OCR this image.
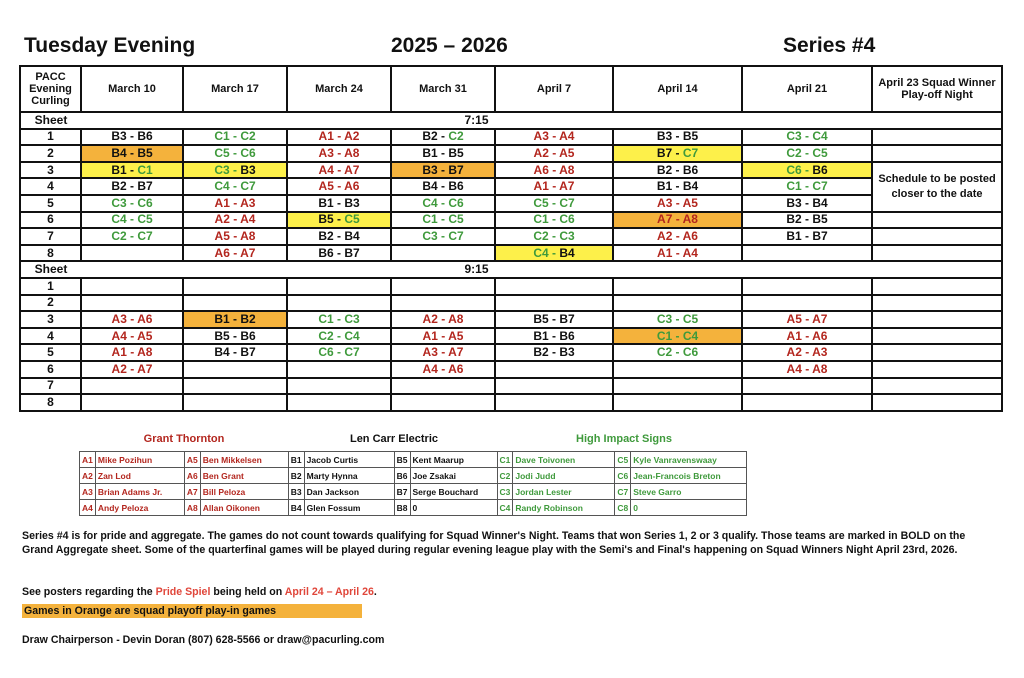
Tuesday Evening	2025 – 2026	Series #4
PACC Evening Curling	March 10	March 17	March 24	March 31	April 7	April 14	April 21	April 23 Squad Winner Play-off Night
Sheet	7:15							
1	B3 - B6	C1 - C2	A1 - A2	B2 - C2	A3 - A4	B3 - B5	C3 - C4	
2	B4 - B5	C5 - C6	A3 - A8	B1 - B5	A2 - A5	B7 - C7	C2 - C5	
3	B1 - C1	C3 - B3	A4 - A7	B3 - B7	A6 - A8	B2 - B6	C6 - B6	Schedule to be posted closer to the date
4	B2 - B7	C4 - C7	A5 - A6	B4 - B6	A1 - A7	B1 - B4	C1 - C7	
5	C3 - C6	A1 - A3	B1 - B3	C4 - C6	C5 - C7	A3 - A5	B3 - B4	
6	C4 - C5	A2 - A4	B5 - C5	C1 - C5	C1 - C6	A7 - A8	B2 - B5	
7	C2 - C7	A5 - A8	B2 - B4	C3 - C7	C2 - C3	A2 - A6	B1 - B7	
8		A6 - A7	B6 - B7		C4 - B4	A1 - A4		
Sheet	9:15							
1								
2								
3	A3 - A6	B1 - B2	C1 - C3	A2 - A8	B5 - B7	C3 - C5	A5 - A7	
4	A4 - A5	B5 - B6	C2 - C4	A1 - A5	B1 - B6	C1 - C4	A1 - A6	
5	A1 - A8	B4 - B7	C6 - C7	A3 - A7	B2 - B3	C2 - C6	A2 - A3	
6	A2 - A7			A4 - A6			A4 - A8	
7								
8								
Grant Thornton	Len Carr Electric	High Impact Signs
A1	Mike Pozihun	A5	Ben Mikkelsen	B1	Jacob Curtis	B5	Kent Maarup	C1	Dave Toivonen	C5	Kyle Vanravenswaay
A2	Zan Lod	A6	Ben Grant	B2	Marty Hynna	B6	Joe Zsakai	C2	Jodi Judd	C6	Jean-Francois Breton
A3	Brian Adams Jr.	A7	Bill Peloza	B3	Dan Jackson	B7	Serge Bouchard	C3	Jordan Lester	C7	Steve Garro
A4	Andy Peloza	A8	Allan Oikonen	B4	Glen Fossum	B8	0	C4	Randy Robinson	C8	0
Series #4 is for pride and aggregate. The games do not count towards qualifying for Squad Winner's Night. Teams that won Series 1, 2 or 3 qualify. Those teams are marked in BOLD on the Grand Aggregate sheet. Some of the quarterfinal games will be played during regular evening league play with the Semi's and Final's happening on Squad Winners Night April 23rd, 2026.
See posters regarding the Pride Spiel being held on April 24 – April 26.
Games in Orange are squad playoff play-in games
Draw Chairperson - Devin Doran (807) 628-5566 or draw@pacurling.com
